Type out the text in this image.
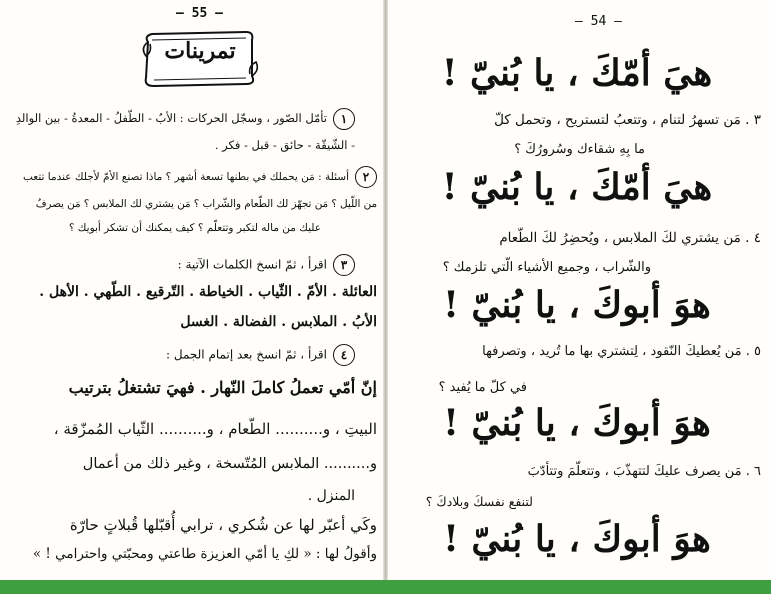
— 55 —
تمرينات
١تأمّل الصّور ، وسجّل الحركات : الأبُ - الطّفلُ - المعدةُ - بين الوالدِ
- الشّيقّة - حائق - قبل - فكر .
٢أسئلة : مَن يحملك في بطنها تسعة أشهر ؟ ماذا تصنع الأمّ لأجلك عندما تتعب
من اللّيل ؟ مَن تجهّز لك الطّعام والشّراب ؟ مَن يشتري لك الملابس ؟ مَن يصرفُ
عليك من ماله لتكبر وتتعلّم ؟ كيف يمكنك أن تشكر أبويك ؟
٣اقرأ ، ثمّ انسخ الكلمات الآتية :
العائلة . الأمّ . الثّياب . الخياطة . التّرقيع . الطّهي . الأهل .
الأبُ . الملابس . الفضالة . الغسل
٤اقرأ ، ثمّ انسخ بعد إتمام الجمل :
إنّ أمّي تعملُ كاملَ النّهار . فهيَ تشتغلُ بترتيب
البيتِ ، و.......... الطّعام ، و.......... الثّياب المُمزّقة ،
و.......... الملابس المُتّسخة ، وغير ذلك من أعمال
المنزل .
وكَي أعبّر لها عن شُكري ، ترابي أُقبّلها قُبلاتٍ حارّة
وأقولُ لها : « لكِ يا أمّي العزيزة طاعتي ومحبّتي واحترامي ! »
— 54 —
هيَ أمّكَ ، يا بُنيّ !
٣ . مَن تسهرُ لتنام ، وتتعبُ لتستريح ، وتحمل كلّ
ما بِهِ شقاءك وسُرورُكَ ؟
هيَ أمّكَ ، يا بُنيّ !
٤ . مَن يشتري لكَ الملابس ، ويُحضِرُ لكَ الطّعام
والشّراب ، وجميع الأشياء الّتي تلزمك ؟
هوَ أبوكَ ، يا بُنيّ !
٥ . مَن يُعطيكَ النّقود ، لِتشتري بها ما تُريد ، وتصرفها
في كلّ ما يُفيد ؟
هوَ أبوكَ ، يا بُنيّ !
٦ . مَن يصرف عليكَ لتتهذّبَ ، وتتعلّمَ وتتأدّبَ
لتنفع نفسكَ وبلادكَ ؟
هوَ أبوكَ ، يا بُنيّ !
